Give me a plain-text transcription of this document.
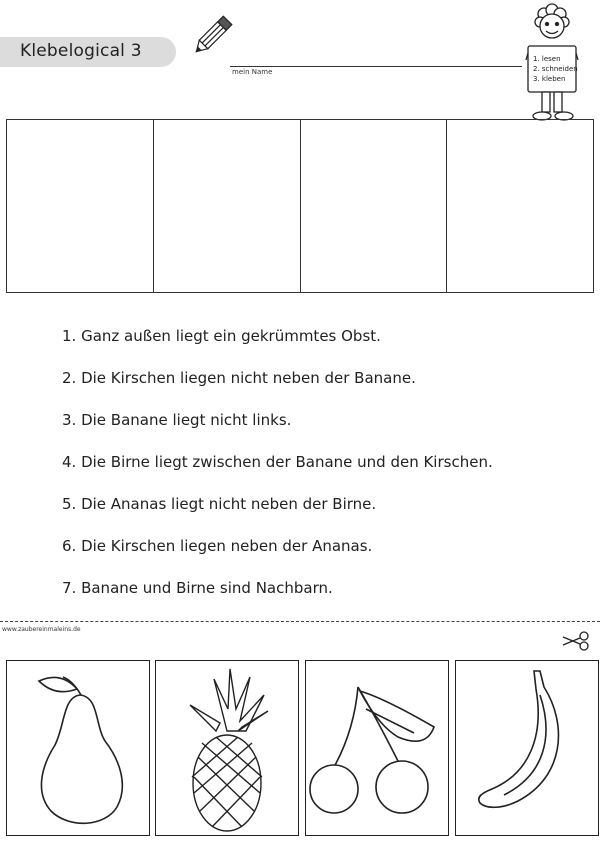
Klebelogical 3
mein Name
1. lesen
2. schneiden
3. kleben
1. Ganz außen liegt ein gekrümmtes Obst.
2. Die Kirschen liegen nicht neben der Banane.
3. Die Banane liegt nicht links.
4. Die Birne liegt zwischen der Banane und den Kirschen.
5. Die Ananas liegt nicht neben der Birne.
6. Die Kirschen liegen neben der Ananas.
7. Banane und Birne sind Nachbarn.
www.zaubereinmaleins.de
